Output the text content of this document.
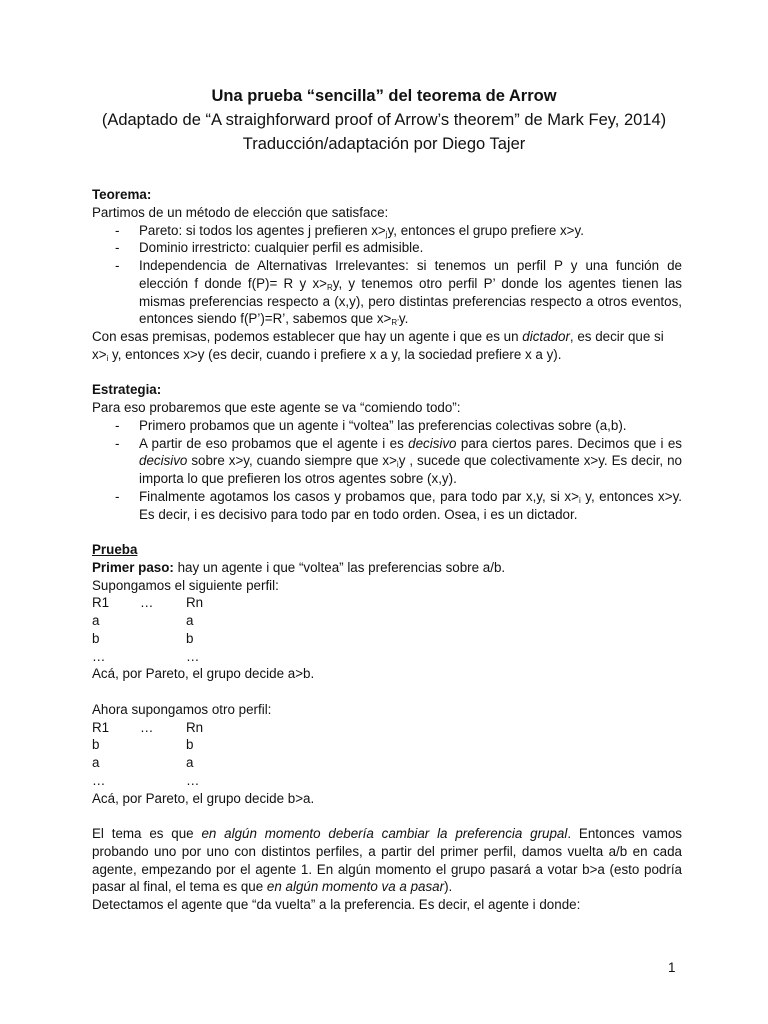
Una prueba “sencilla” del teorema de Arrow
(Adaptado de “A straighforward proof of Arrow’s theorem” de Mark Fey, 2014)
Traducción/adaptación por Diego Tajer

Teorema:

Partimos de un método de elección que satisface:

- Pareto: si todos los agentes j prefieren $x>_jy$, entonces el grupo prefiere x>y.
- Dominio irrestricto: cualquier perfil es admisible.
- Independencia de Alternativas Irrelevantes: si tenemos un perfil P y una función de elección f donde f(P)= R y $x>_Ry$, y tenemos otro perfil P’ donde los agentes tienen las mismas preferencias respecto a (x,y), pero distintas preferencias respecto a otros eventos, entonces siendo f(P’)=R’, sabemos que $x>_{R’}y$.

Con esas premisas, podemos establecer que hay un agente i que es un dictador, es decir que si $x>_i$ y, entonces x>y (es decir, cuando i prefiere x a y, la sociedad prefiere x a y).

Estrategia:

Para eso probaremos que este agente se va “comiendo todo”:

- Primero probamos que un agente i “voltea” las preferencias colectivas sobre (a,b).
- A partir de eso probamos que el agente i es decisivo para ciertos pares. Decimos que i es decisivo sobre x>y, cuando siempre que $x>_iy$ , sucede que colectivamente x>y. Es decir, no importa lo que prefieren los otros agentes sobre (x,y).
- Finalmente agotamos los casos y probamos que, para todo par x,y, si $x>_i$ y, entonces x>y. Es decir, i es decisivo para todo par en todo orden. Osea, i es un dictador.

Prueba

Primer paso: hay un agente i que “voltea” las preferencias sobre a/b.

Supongamos el siguiente perfil:

R1 … Rn
a	a
b	b
…	…

Acá, por Pareto, el grupo decide a>b.

Ahora supongamos otro perfil:

R1 … Rn
b	b
a	a
…	…

Acá, por Pareto, el grupo decide b>a.

El tema es que en algún momento debería cambiar la preferencia grupal. Entonces vamos probando uno por uno con distintos perfiles, a partir del primer perfil, damos vuelta a/b en cada agente, empezando por el agente 1. En algún momento el grupo pasará a votar b>a (esto podría pasar al final, el tema es que en algún momento va a pasar).

Detectamos el agente que “da vuelta” a la preferencia. Es decir, el agente i donde:

1
